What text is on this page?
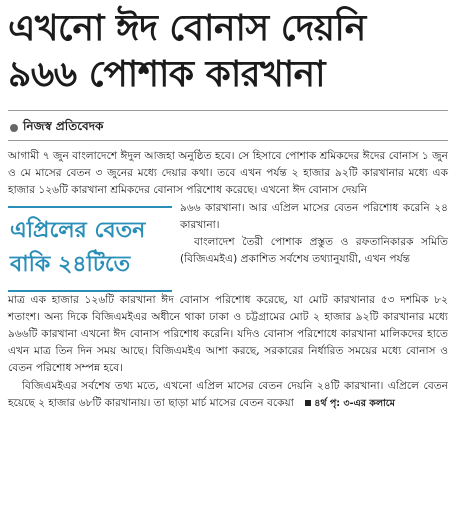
এখনো ঈদ বোনাস দেয়নি
৯৬৬ পোশাক কারখানা
নিজস্ব প্রতিবেদক

আগামী ৭ জুন বাংলাদেশে ঈদুল আজহা অনুষ্ঠিত হবে। সে হিসাবে পোশাক শ্রমিকদের ঈদের বোনাস ১ জুন ও মে মাসের বেতন ৩ জুনের মধ্যে দেয়ার কথা। তবে এখন পর্যন্ত ২ হাজার ৯২টি কারখানার মধ্যে এক হাজার ১২৬টি কারখানা শ্রমিকদের বোনাস পরিশোধ করেছে। এখনো ঈদ বোনাস দেয়নি

এপ্রিলের বেতন
বাকি ২৪টিতে

৯৬৬ কারখানা। আর এপ্রিল মাসের বেতন পরিশোধ করেনি ২৪ কারখানা।

বাংলাদেশ তৈরী পোশাক প্রস্তুত ও রফতানিকারক সমিতি (বিজিএমইএ) প্রকাশিত সর্বশেষ তথ্যানুযায়ী, এখন পর্যন্ত

মাত্র এক হাজার ১২৬টি কারখানা ঈদ বোনাস পরিশোধ করেছে, যা মোট কারখানার ৫৩ দশমিক ৮২ শতাংশ। অন্য দিকে বিজিএমইএর অধীনে থাকা ঢাকা ও চট্টগ্রামের মোট ২ হাজার ৯২টি কারখানার মধ্যে ৯৬৬টি কারখানা এখনো ঈদ বোনাস পরিশোধ করেনি। যদিও বোনাস পরিশোধে কারখানা মালিকদের হাতে এখন মাত্র তিন দিন সময় আছে। বিজিএমইএ আশা করছে, সরকারের নির্ধারিত সময়ের মধ্যে বোনাস ও বেতন পরিশোধ সম্পন্ন হবে।

বিজিএমইএর সর্বশেষ তথ্য মতে, এখনো এপ্রিল মাসের বেতন দেয়নি ২৪টি কারখানা। এপ্রিলে বেতন হয়েছে ২ হাজার ৬৮টি কারখানায়। তা ছাড়া মার্চ মাসের বেতন বকেয়া ৪র্থ পৃ: ৩-এর কলামে
